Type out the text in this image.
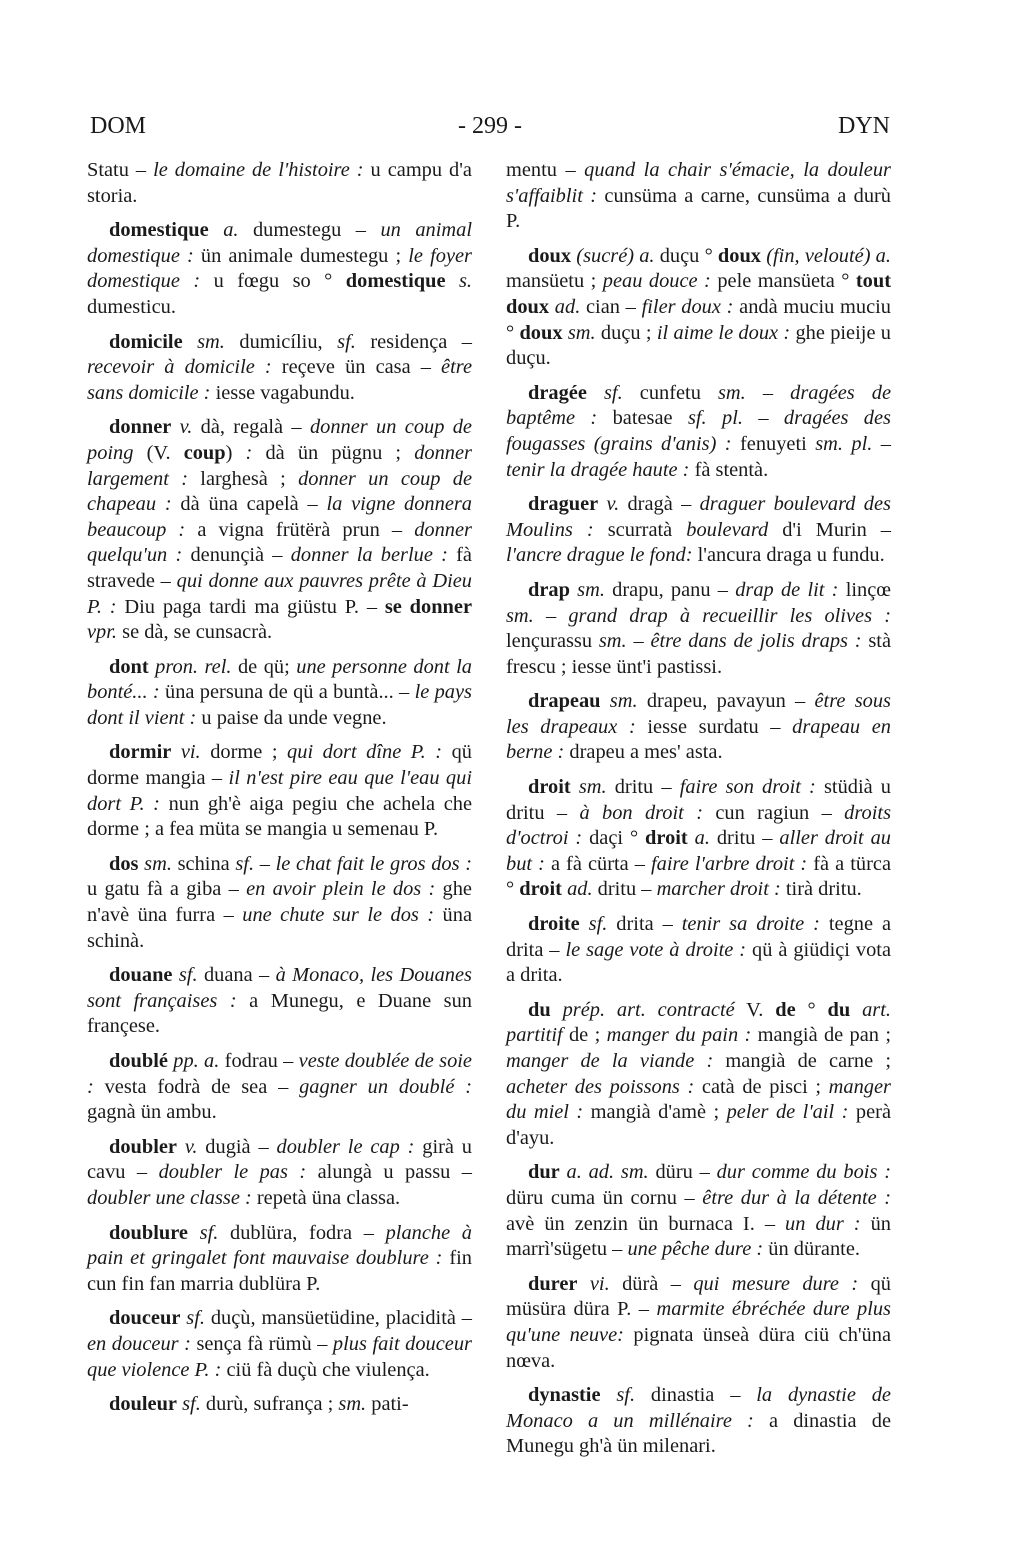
DOM	- 299 -	DYN

Statu – le domaine de l'histoire : u campu d'a storia.

domestique a. dumestegu – un animal domestique : ün animale dumestegu ; le foyer domestique : u fœgu so ° domestique s. dumesticu.

domicile sm. dumicíliu, sf. residença – recevoir à domicile : reçeve ün casa – être sans domicile : iesse vagabundu.

donner v. dà, regalà – donner un coup de poing (V. coup) : dà ün pügnu ; donner largement : larghesà ; donner un coup de chapeau : dà üna capelà – la vigne donnera beaucoup : a vigna frütërà prun – donner quelqu'un : denunçià – donner la berlue : fà stravede – qui donne aux pauvres prête à Dieu P. : Diu paga tardi ma giüstu P. – se donner vpr. se dà, se cunsacrà.

dont pron. rel. de qü; une personne dont la bonté... : üna persuna de qü a buntà... – le pays dont il vient : u paise da unde vegne.

dormir vi. dorme ; qui dort dîne P. : qü dorme mangia – il n'est pire eau que l'eau qui dort P. : nun gh'è aiga pegiu che achela che dorme ; a fea müta se mangia u semenau P.

dos sm. schina sf. – le chat fait le gros dos : u gatu fà a giba – en avoir plein le dos : ghe n'avè üna furra – une chute sur le dos : üna schinà.

douane sf. duana – à Monaco, les Douanes sont françaises : a Munegu, e Duane sun françese.

doublé pp. a. fodrau – veste doublée de soie : vesta fodrà de sea – gagner un doublé : gagnà ün ambu.

doubler v. dugià – doubler le cap : girà u cavu – doubler le pas : alungà u passu – doubler une classe : repetà üna classa.

doublure sf. dublüra, fodra – planche à pain et gringalet font mauvaise doublure : fin cun fin fan marria dublüra P.

douceur sf. duçù, mansüetüdine, placidità – en douceur : sença fà rümù – plus fait douceur que violence P. : ciü fà duçù che viulença.

douleur sf. durù, sufrança ; sm. pati-

mentu – quand la chair s'émacie, la douleur s'affaiblit : cunsüma a carne, cunsüma a durù P.

doux (sucré) a. duçu ° doux (fin, velouté) a. mansüetu ; peau douce : pele mansüeta ° tout doux ad. cian – filer doux : andà muciu muciu ° doux sm. duçu ; il aime le doux : ghe pieije u duçu.

dragée sf. cunfetu sm. – dragées de baptême : batesae sf. pl. – dragées des fougasses (grains d'anis) : fenuyeti sm. pl. – tenir la dragée haute : fà stentà.

draguer v. dragà – draguer boulevard des Moulins : scurratà boulevard d'i Murin – l'ancre drague le fond: l'ancura draga u fundu.

drap sm. drapu, panu – drap de lit : linçœ sm. – grand drap à recueillir les olives : lençurassu sm. – être dans de jolis draps : stà frescu ; iesse ünt'i pastissi.

drapeau sm. drapeu, pavayun – être sous les drapeaux : iesse surdatu – drapeau en berne : drapeu a mes' asta.

droit sm. dritu – faire son droit : stüdià u dritu – à bon droit : cun ragiun – droits d'octroi : daçi ° droit a. dritu – aller droit au but : a fà cürta – faire l'arbre droit : fà a türca ° droit ad. dritu – marcher droit : tirà dritu.

droite sf. drita – tenir sa droite : tegne a drita – le sage vote à droite : qü à giüdiçi vota a drita.

du prép. art. contracté V. de ° du art. partitif de ; manger du pain : mangià de pan ; manger de la viande : mangià de carne ; acheter des poissons : catà de pisci ; manger du miel : mangià d'amè ; peler de l'ail : perà d'ayu.

dur a. ad. sm. düru – dur comme du bois : düru cuma ün cornu – être dur à la détente : avè ün zenzin ün burnaca I. – un dur : ün marrì'sügetu – une pêche dure : ün dürante.

durer vi. dürà – qui mesure dure : qü müsüra düra P. – marmite ébréchée dure plus qu'une neuve: pignata ünseà düra ciü ch'üna nœva.

dynastie sf. dinastia – la dynastie de Monaco a un millénaire : a dinastia de Munegu gh'à ün milenari.
